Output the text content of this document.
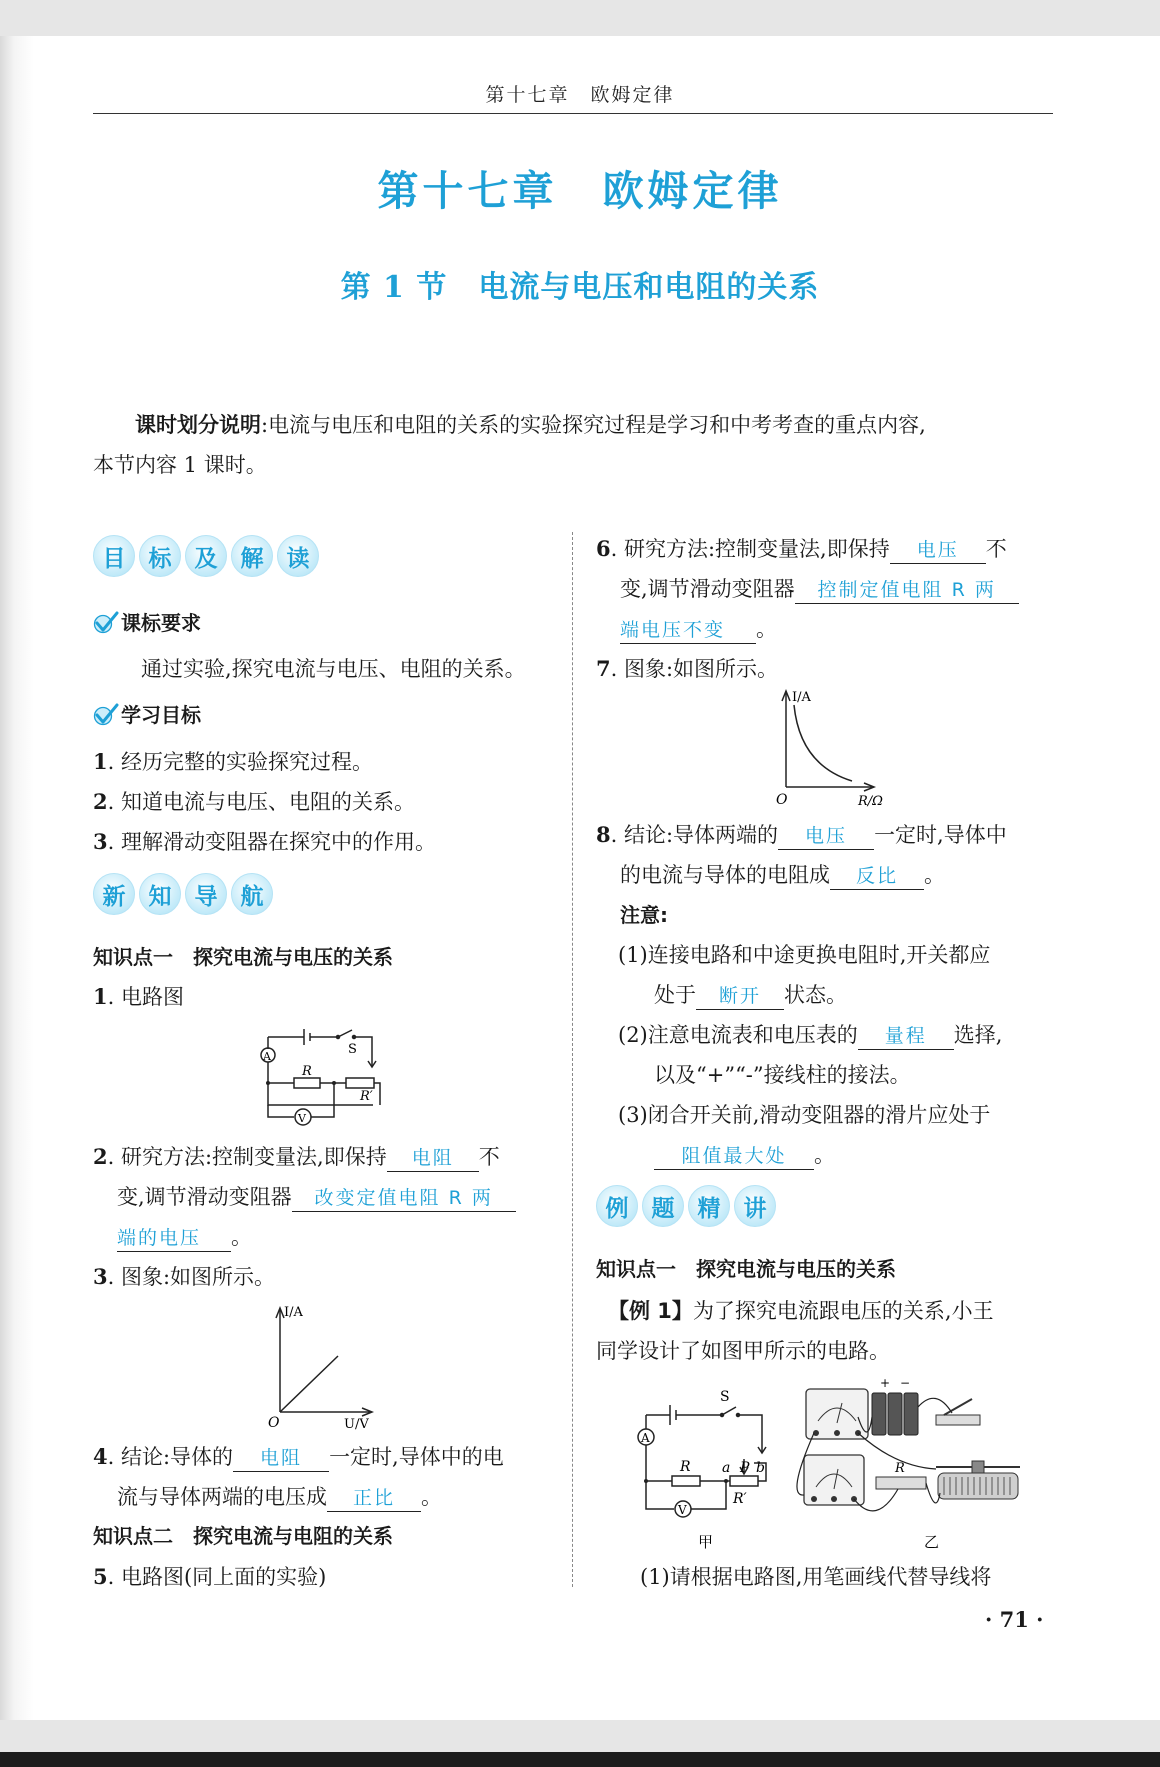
第十七章　欧姆定律
第十七章　欧姆定律
第 1 节　电流与电压和电阻的关系

课时划分说明:电流与电压和电阻的关系的实验探究过程是学习和中考考查的重点内容,

本节内容 1 课时。

目	标	及	解	读
课标要求
通过实验,探究电流与电压、电阻的关系。
学习目标
1. 经历完整的实验探究过程。
2. 知道电流与电压、电阻的关系。
3. 理解滑动变阻器在探究中的作用。
新	知	导	航
知识点一　探究电流与电压的关系
1. 电路图
S
A
R
R′
V
2. 研究方法:控制变量法,即保持 电阻 不
变,调节滑动变阻器 改变定值电阻 R 两
端的电压 。
3. 图象:如图所示。
I/A
O	U/V
4. 结论:导体的 电阻 一定时,导体中的电
流与导体两端的电压成 正比 。
知识点二　探究电流与电阻的关系
5. 电路图(同上面的实验)
6. 研究方法:控制变量法,即保持 电压 不
变,调节滑动变阻器 控制定值电阻 R 两
端电压不变 。
7. 图象:如图所示。
I/A
O	R/Ω
8. 结论:导体两端的 电压 一定时,导体中
的电流与导体的电阻成 反比 。
注意:
(1)连接电路和中途更换电阻时,开关都应
处于 断开 状态。
(2)注意电流表和电压表的 量程 选择,
以及“+”“-”接线柱的接法。
(3)闭合开关前,滑动变阻器的滑片应处于
阻值最大处 。
例	题	精	讲
知识点一　探究电流与电压的关系
【例 1】为了探究电流跟电压的关系,小王
同学设计了如图甲所示的电路。
S
A
R a P b
R′
V
甲
+ −
R
乙
(1)请根据电路图,用笔画线代替导线将
· 71 ·
